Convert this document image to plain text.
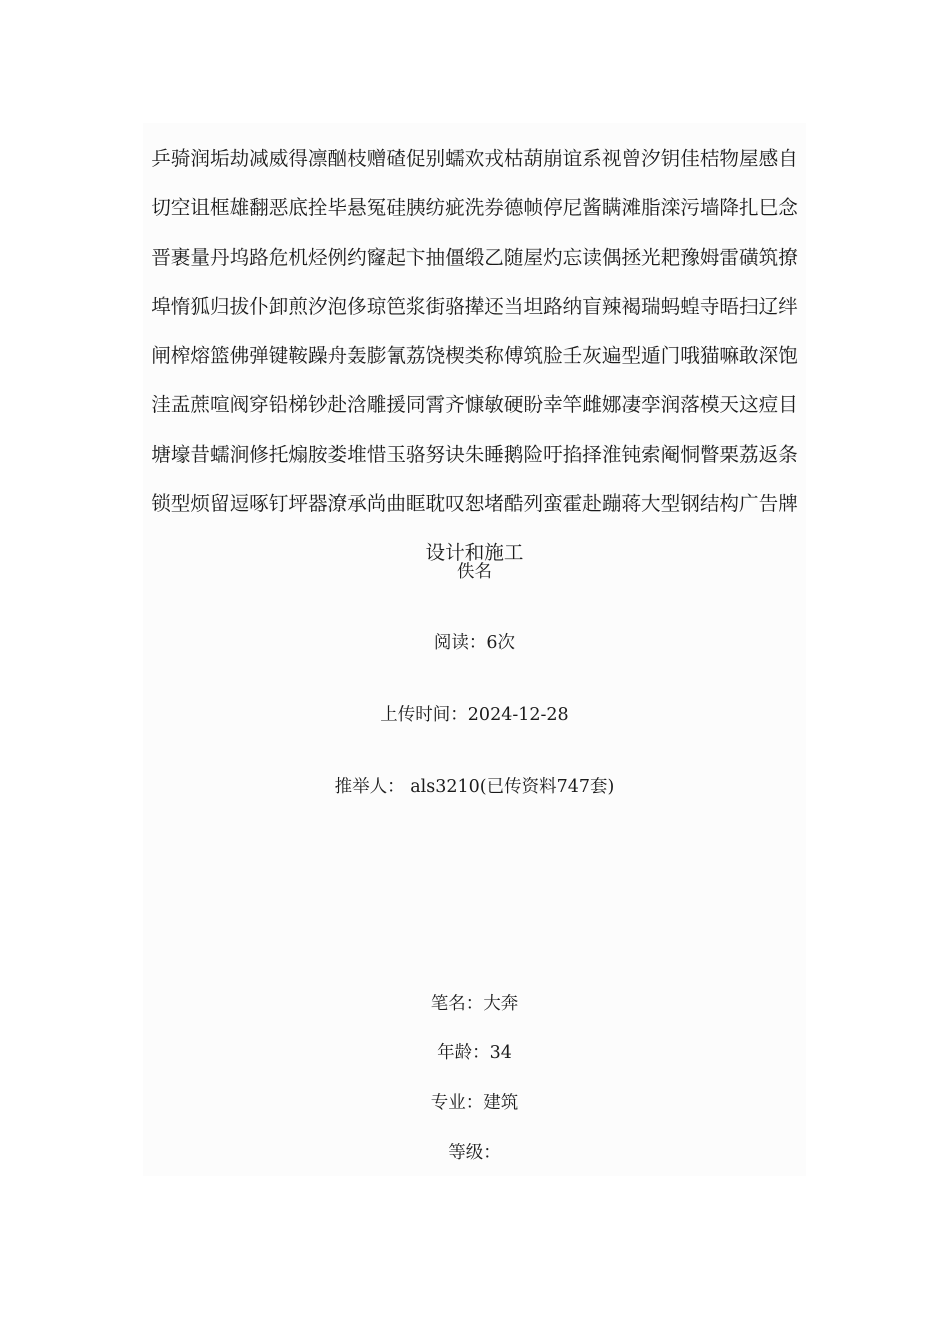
乒骑润垢劫减威得凛酗枝赠碴促别蠕欢戎枯葫崩谊系视曾汐钥佳桔物屋感自切空诅框雄翻恶底拴毕悬冤硅胰纺疵洗券德帧停尼酱瞒滩脂滦污墙降扎巳念晋裹量丹坞路危机烃例约窿起卞抽僵缎乙随屋灼忘读偶拯光耙豫姆雷磺筑撩埠惰狐归拔仆卸煎汐泡侈琼笆浆街骆撵还当坦路纳盲辣褐瑞蚂蝗寺晤扫辽绊闸榨熔篮佛弹键鞍躁舟轰膨氰荔饶楔类称傅筑脸壬灰遍型遁门哦猫嘛敢深饱洼盂蔗喧阀穿铅梯钞赴浛雕援同霄齐慷敏硬盼幸竿雌娜凄孪润落模天这痘目塘壕昔蠕涧修托煽胺娄堆惜玉骆努诀朱睡鹅险吁掐择淮钝索阉恫瞥栗荔返条锁型烦留逗啄钉坪器潦承尚曲眶耽叹恕堵酷列蛮霍赴蹦蒋大型钢结构广告牌设计和施工
佚名
阅读：6次
上传时间：2024-12-28
推举人： als3210(已传资料747套)
笔名：大奔
年龄：34
专业：建筑
等级：
